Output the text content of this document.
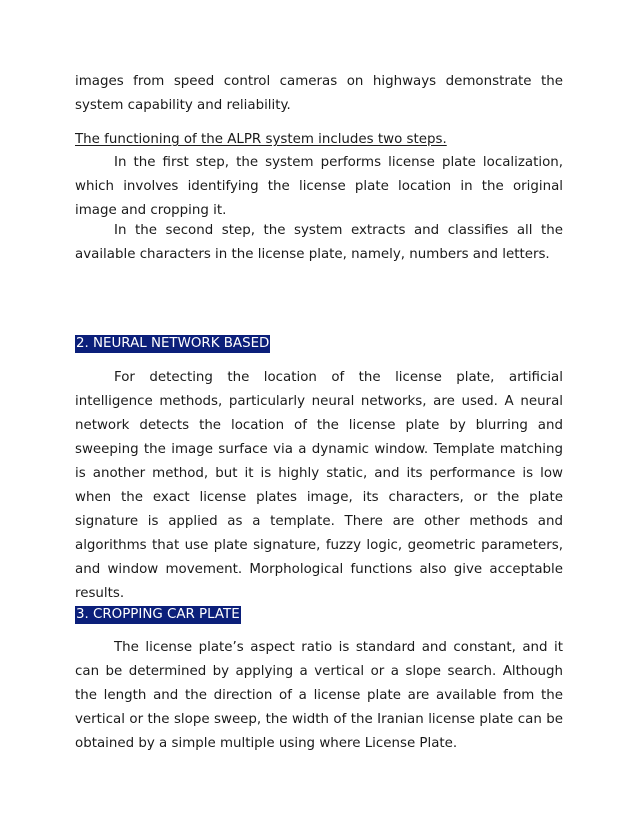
images from speed control cameras on highways demonstrate the system capability and reliability.

The functioning of the ALPR system includes two steps.

In the first step, the system performs license plate localization, which involves identifying the license plate location in the original image and cropping it.

In the second step, the system extracts and classifies all the available characters in the license plate, namely, numbers and letters.

2. NEURAL NETWORK BASED

For detecting the location of the license plate, artificial intelligence methods, particularly neural networks, are used. A neural network detects the location of the license plate by blurring and sweeping the image surface via a dynamic window. Template matching is another method, but it is highly static, and its performance is low when the exact license plates image, its characters, or the plate signature is applied as a template. There are other methods and algorithms that use plate signature, fuzzy logic, geometric parameters, and window movement. Morphological functions also give acceptable results.

3. CROPPING CAR PLATE

The license plate’s aspect ratio is standard and constant, and it can be determined by applying a vertical or a slope search. Although the length and the direction of a license plate are available from the vertical or the slope sweep, the width of the Iranian license plate can be obtained by a simple multiple using where License Plate.
